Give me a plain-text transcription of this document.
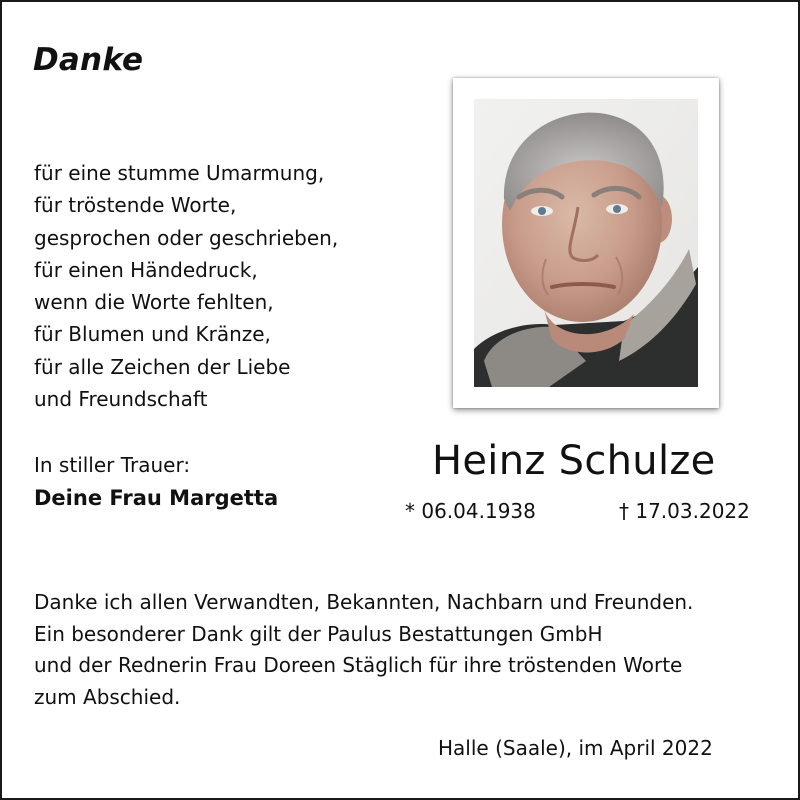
Danke
für eine stumme Umarmung,
für tröstende Worte,
gesprochen oder geschrieben,
für einen Händedruck,
wenn die Worte fehlten,
für Blumen und Kränze,
für alle Zeichen der Liebe
und Freundschaft
In stiller Trauer:
Deine Frau Margetta
Heinz Schulze
* 06.04.1938	† 17.03.2022
Danke ich allen Verwandten, Bekannten, Nachbarn und Freunden.
Ein besonderer Dank gilt der Paulus Bestattungen GmbH
und der Rednerin Frau Doreen Stäglich für ihre tröstenden Worte
zum Abschied.
Halle (Saale), im April 2022
